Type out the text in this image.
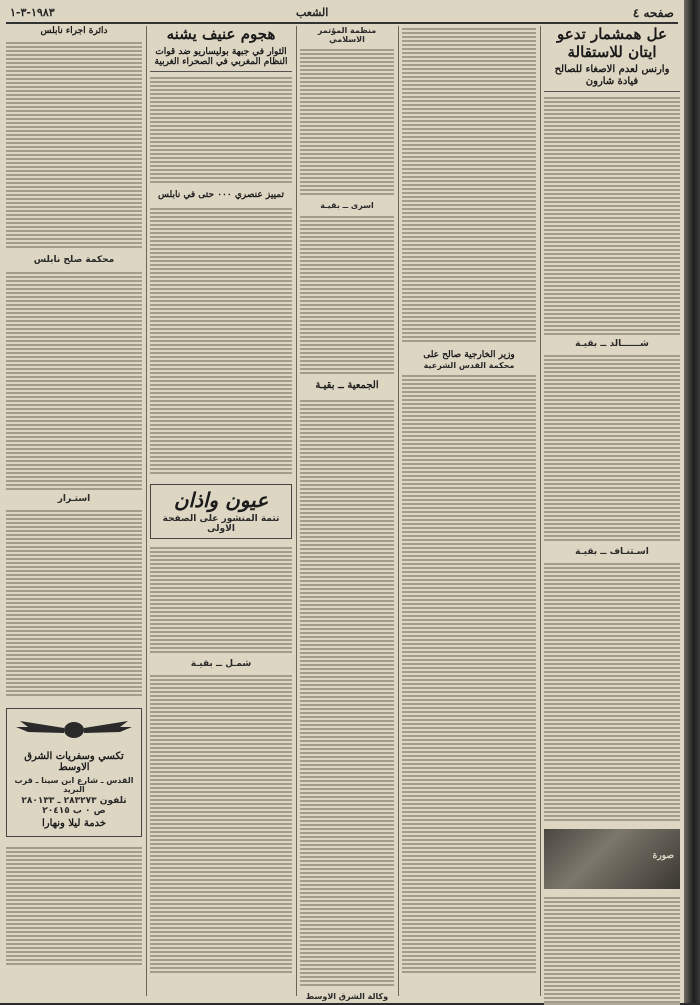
صفحه ٤
الشعب
١٩٨٣-٣-١
عل همشمار تدعو ايتان للاستقالة
وارنس لعدم الاصغاء للصالح فيادة شارون
شــــــالد ــ بقيـة
اسـتنـاف ــ بقيـة
صورة
وزير الخارجية صالح على
محكمة القدس الشرعية
منظمة المؤتمر الاسلامي
اسرى ــ بقيـة
الجمعية ــ بقيـة
وكالة الشرق الاوسط
هجوم عنيف يشنه
الثوار في جبهة بوليساريو ضد قوات
النظام المغربي في الصحراء الغربية
تمييز عنصري ٠٠٠ حتى في نابلس
عيون واذان
تتمة المنشور على الصفحة الاولى
شمـل ــ بقيـة
دائرة اجراء نابلس
محكمة صلح نابلس
استـرار
تكسي وسفريات الشرق الاوسط
القدس ـ شارع ابن سينا ـ قرب البريد
تلفون ٢٨٣٢٧٣ ـ ٢٨٠١٣٣
ص ٠ ب ٢٠٤١٥
خدمة ليلا ونهارا
